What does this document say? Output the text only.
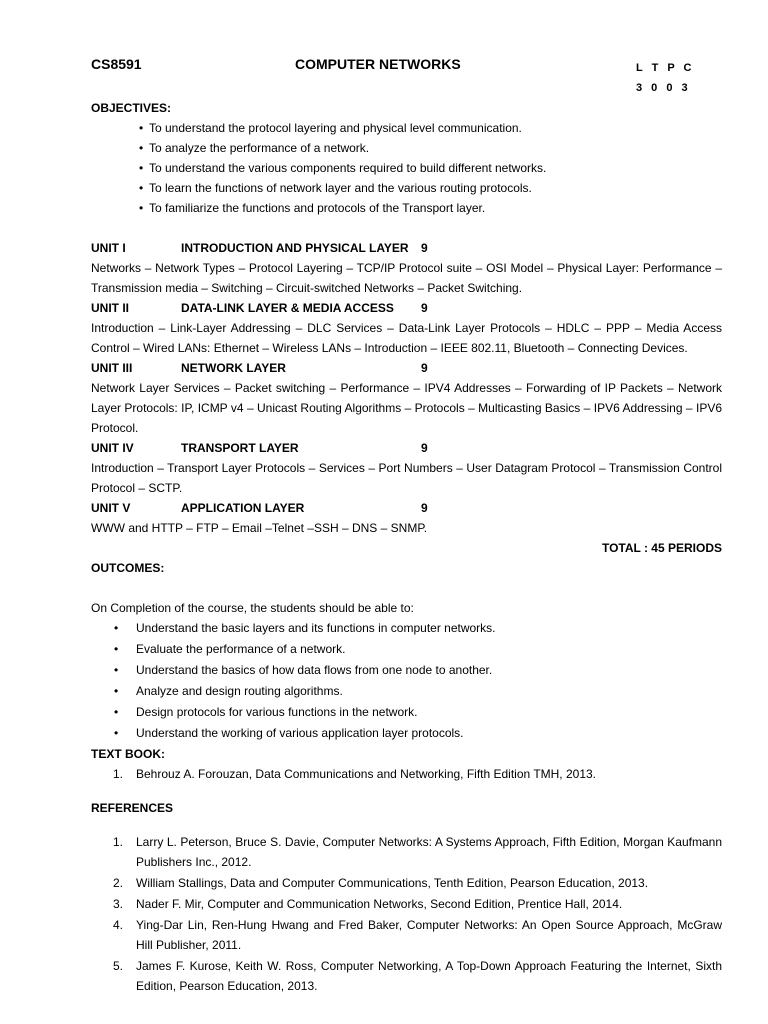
CS8591	COMPUTER NETWORKS	L T P C
3 0 0 3
OBJECTIVES:
• To understand the protocol layering and physical level communication.
• To analyze the performance of a network.
• To understand the various components required to build different networks.
• To learn the functions of network layer and the various routing protocols.
• To familiarize the functions and protocols of the Transport layer.
UNIT I	INTRODUCTION AND PHYSICAL LAYER	9
Networks – Network Types – Protocol Layering – TCP/IP Protocol suite – OSI Model – Physical Layer: Performance – Transmission media – Switching – Circuit-switched Networks – Packet Switching.
UNIT II	DATA-LINK LAYER & MEDIA ACCESS	9
Introduction – Link-Layer Addressing – DLC Services – Data-Link Layer Protocols – HDLC – PPP – Media Access Control – Wired LANs: Ethernet – Wireless LANs – Introduction – IEEE 802.11, Bluetooth – Connecting Devices.
UNIT III	NETWORK LAYER	9
Network Layer Services – Packet switching – Performance – IPV4 Addresses – Forwarding of IP Packets – Network Layer Protocols: IP, ICMP v4 – Unicast Routing Algorithms – Protocols – Multicasting Basics – IPV6 Addressing – IPV6 Protocol.
UNIT IV	TRANSPORT LAYER	9
Introduction – Transport Layer Protocols – Services – Port Numbers – User Datagram Protocol – Transmission Control Protocol – SCTP.
UNIT V	APPLICATION LAYER	9
WWW and HTTP – FTP – Email –Telnet –SSH – DNS – SNMP.
TOTAL : 45 PERIODS
OUTCOMES:
On Completion of the course, the students should be able to:
• Understand the basic layers and its functions in computer networks.
• Evaluate the performance of a network.
• Understand the basics of how data flows from one node to another.
• Analyze and design routing algorithms.
• Design protocols for various functions in the network.
• Understand the working of various application layer protocols.
TEXT BOOK:
1. Behrouz A. Forouzan, Data Communications and Networking, Fifth Edition TMH, 2013.
REFERENCES
1. Larry L. Peterson, Bruce S. Davie, Computer Networks: A Systems Approach, Fifth Edition, Morgan Kaufmann Publishers Inc., 2012.
2. William Stallings, Data and Computer Communications, Tenth Edition, Pearson Education, 2013.
3. Nader F. Mir, Computer and Communication Networks, Second Edition, Prentice Hall, 2014.
4. Ying-Dar Lin, Ren-Hung Hwang and Fred Baker, Computer Networks: An Open Source Approach, McGraw Hill Publisher, 2011.
5. James F. Kurose, Keith W. Ross, Computer Networking, A Top-Down Approach Featuring the Internet, Sixth Edition, Pearson Education, 2013.
